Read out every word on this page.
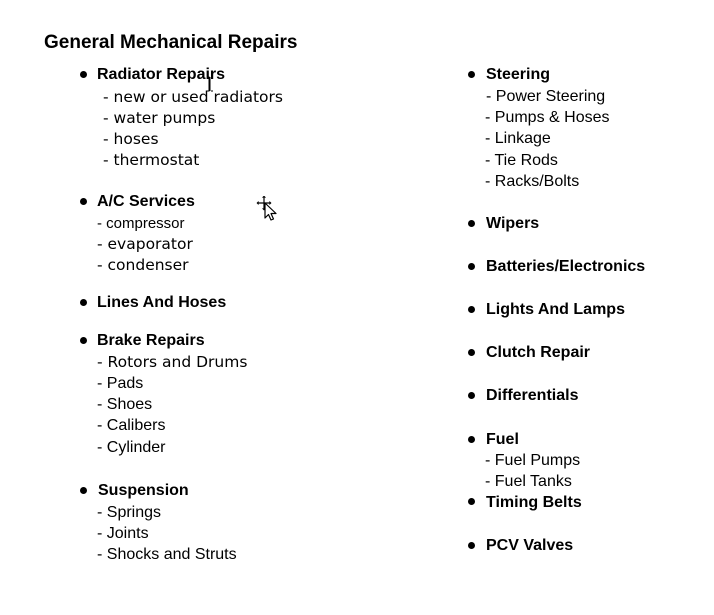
General Mechanical Repairs
Radiator Repairs
- new or used radiators
- water pumps
- hoses
- thermostat
A/C Services
- compressor
- evaporator
- condenser
Lines And Hoses
Brake Repairs
- Rotors and Drums
- Pads
- Shoes
- Calibers
- Cylinder
Suspension
- Springs
- Joints
- Shocks and Struts
Steering
- Power Steering
- Pumps & Hoses
- Linkage
- Tie Rods
- Racks/Bolts
Wipers
Batteries/Electronics
Lights And Lamps
Clutch Repair
Differentials
Fuel
- Fuel Pumps
- Fuel Tanks
Timing Belts
PCV Valves
